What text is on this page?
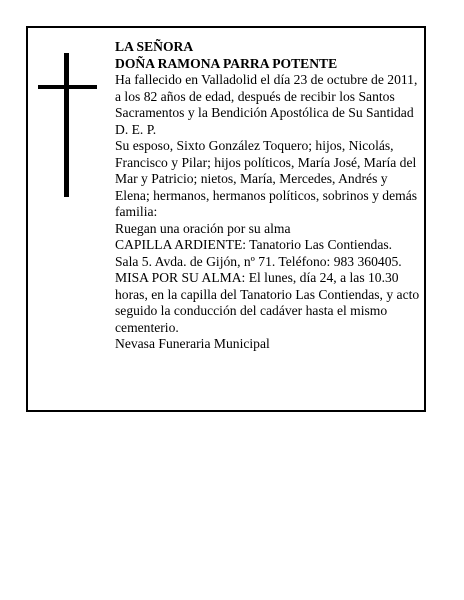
LA SEÑORA

DOÑA RAMONA PARRA POTENTE

Ha fallecido en Valladolid el día 23 de octubre de 2011, a los 82 años de edad, después de recibir los Santos Sacramentos y la Bendición Apostólica de Su Santidad D. E. P.

Su esposo, Sixto González Toquero; hijos, Nicolás, Francisco y Pilar; hijos políticos, María José, María del Mar y Patricio; nietos, María, Mercedes, Andrés y Elena; hermanos, hermanos políticos, sobrinos y demás familia:

Ruegan una oración por su alma

CAPILLA ARDIENTE: Tanatorio Las Contiendas.

Sala 5. Avda. de Gijón, nº 71. Teléfono: 983 360405.

MISA POR SU ALMA: El lunes, día 24, a las 10.30 horas, en la capilla del Tanatorio Las Contiendas, y acto seguido la conducción del cadáver hasta el mismo cementerio.

Nevasa Funeraria Municipal
